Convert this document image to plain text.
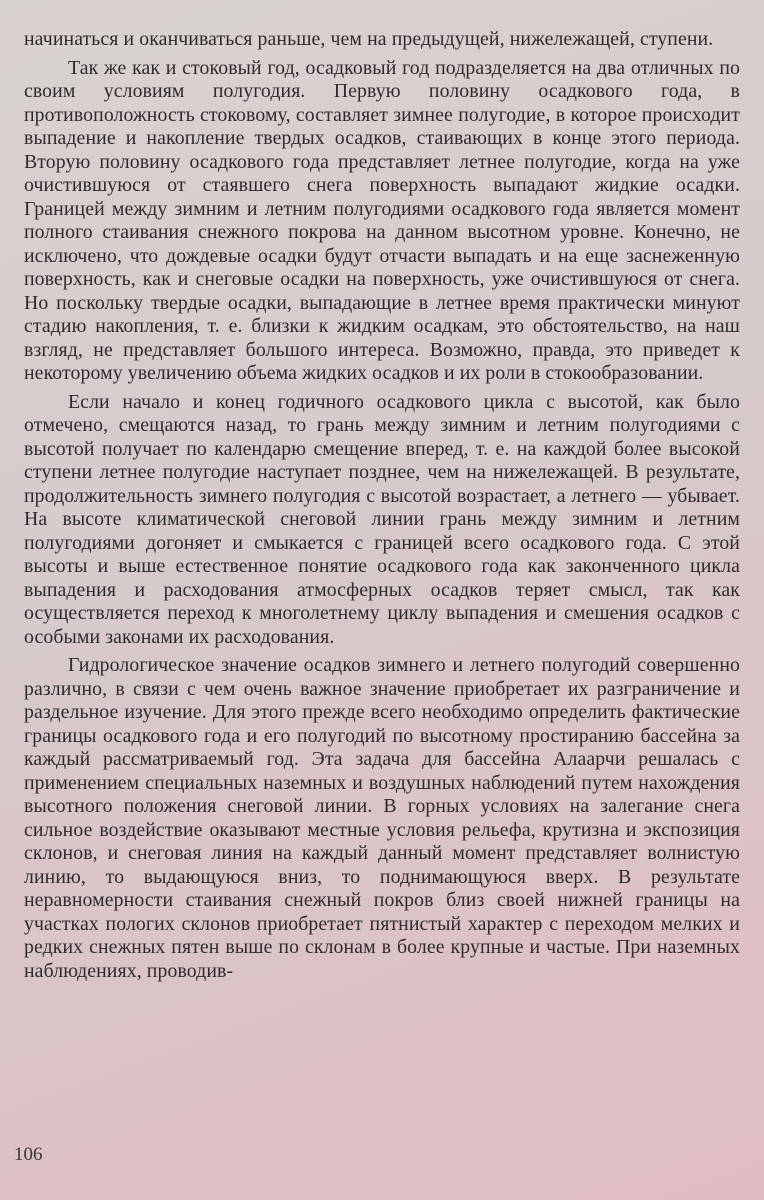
начинаться и оканчиваться раньше, чем на предыдущей, нижележащей, ступени.

Так же как и стоковый год, осадковый год подразделяется на два отличных по своим условиям полугодия. Первую половину осадкового года, в противоположность стоковому, составляет зимнее полугодие, в которое происходит выпадение и накопление твердых осадков, стаивающих в конце этого периода. Вторую половину осадкового года представляет летнее полугодие, когда на уже очистившуюся от стаявшего снега поверхность выпадают жидкие осадки. Границей между зимним и летним полугодиями осадкового года является момент полного стаивания снежного покрова на данном высотном уровне. Конечно, не исключено, что дождевые осадки будут отчасти выпадать и на еще заснеженную поверхность, как и снеговые осадки на поверхность, уже очистившуюся от снега. Но поскольку твердые осадки, выпадающие в летнее время практически минуют стадию накопления, т. е. близки к жидким осадкам, это обстоятельство, на наш взгляд, не представляет большого интереса. Возможно, правда, это приведет к некоторому увеличению объема жидких осадков и их роли в стокообразовании.

Если начало и конец годичного осадкового цикла с высотой, как было отмечено, смещаются назад, то грань между зимним и летним полугодиями с высотой получает по календарю смещение вперед, т. е. на каждой более высокой ступени летнее полугодие наступает позднее, чем на нижележащей. В результате, продолжительность зимнего полугодия с высотой возрастает, а летнего — убывает. На высоте климатической снеговой линии грань между зимним и летним полугодиями догоняет и смыкается с границей всего осадкового года. С этой высоты и выше естественное понятие осадкового года как законченного цикла выпадения и расходования атмосферных осадков теряет смысл, так как осуществляется переход к многолетнему циклу выпадения и смешения осадков с особыми законами их расходования.

Гидрологическое значение осадков зимнего и летнего полугодий совершенно различно, в связи с чем очень важное значение приобретает их разграничение и раздельное изучение. Для этого прежде всего необходимо определить фактические границы осадкового года и его полугодий по высотному простиранию бассейна за каждый рассматриваемый год. Эта задача для бассейна Алаарчи решалась с применением специальных наземных и воздушных наблюдений путем нахождения высотного положения снеговой линии. В горных условиях на залегание снега сильное воздействие оказывают местные условия рельефа, крутизна и экспозиция склонов, и снеговая линия на каждый данный момент представляет волнистую линию, то выдающуюся вниз, то поднимающуюся вверх. В результате неравномерности стаивания снежный покров близ своей нижней границы на участках пологих склонов приобретает пятнистый характер с переходом мелких и редких снежных пятен выше по склонам в более крупные и частые. При наземных наблюдениях, проводив-

106
